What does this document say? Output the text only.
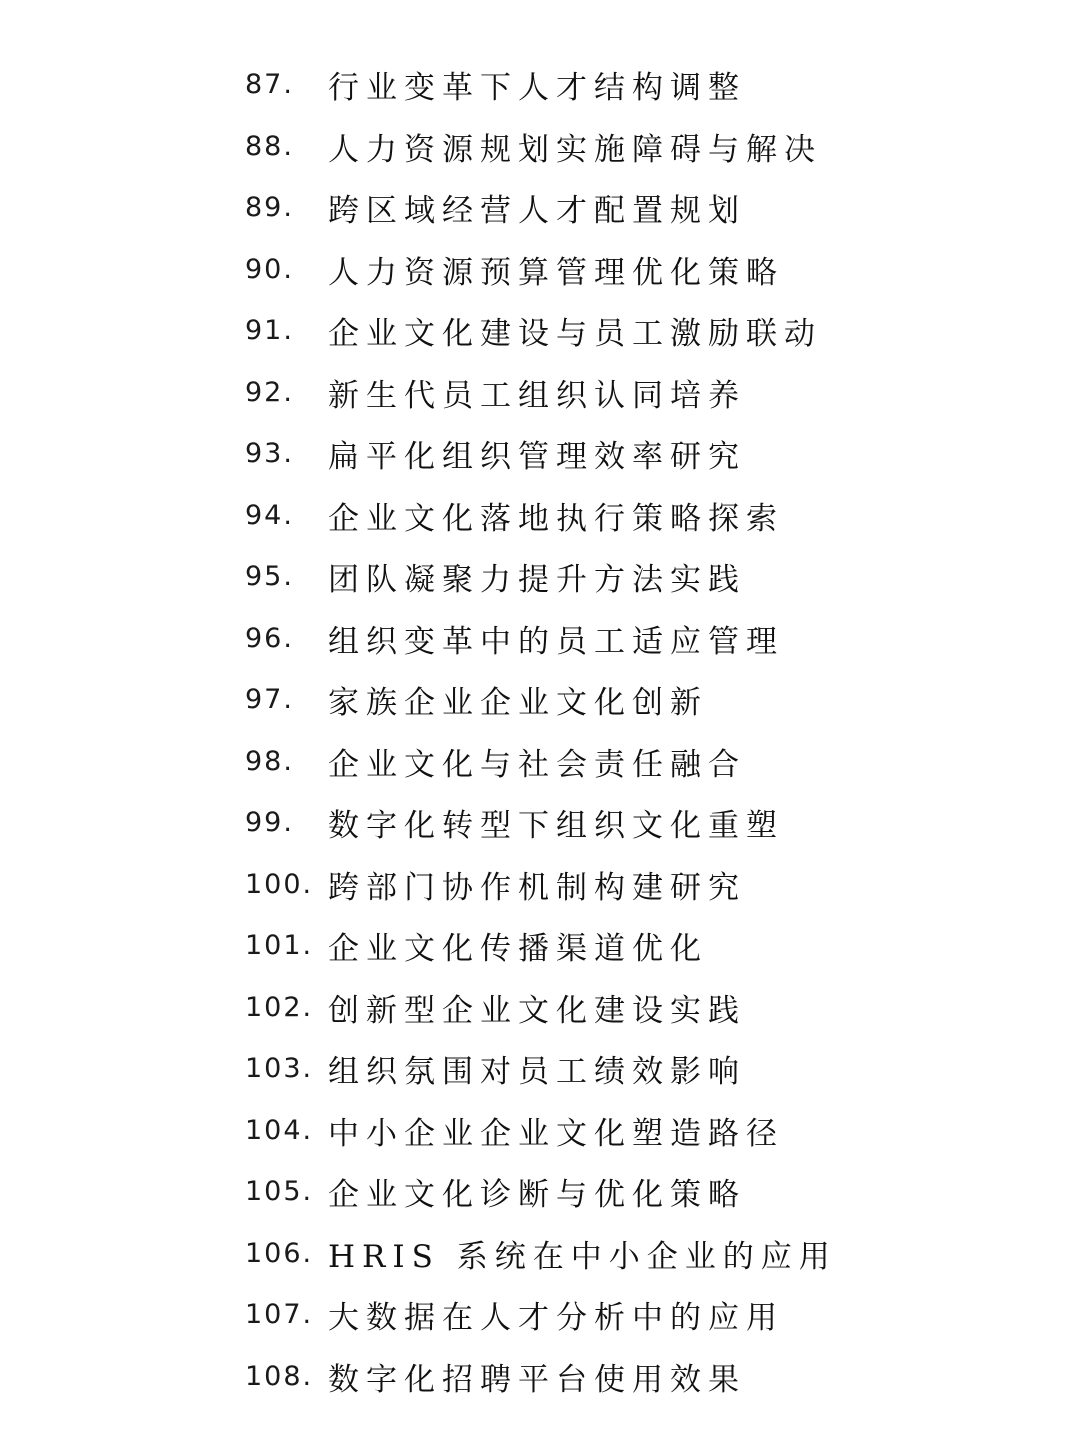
87.	行业变革下人才结构调整
88.	人力资源规划实施障碍与解决
89.	跨区域经营人才配置规划
90.	人力资源预算管理优化策略
91.	企业文化建设与员工激励联动
92.	新生代员工组织认同培养
93.	扁平化组织管理效率研究
94.	企业文化落地执行策略探索
95.	团队凝聚力提升方法实践
96.	组织变革中的员工适应管理
97.	家族企业企业文化创新
98.	企业文化与社会责任融合
99.	数字化转型下组织文化重塑
100. 跨部门协作机制构建研究
101. 企业文化传播渠道优化
102. 创新型企业文化建设实践
103. 组织氛围对员工绩效影响
104. 中小企业企业文化塑造路径
105. 企业文化诊断与优化策略
106. HRIS 系统在中小企业的应用
107. 大数据在人才分析中的应用
108. 数字化招聘平台使用效果
